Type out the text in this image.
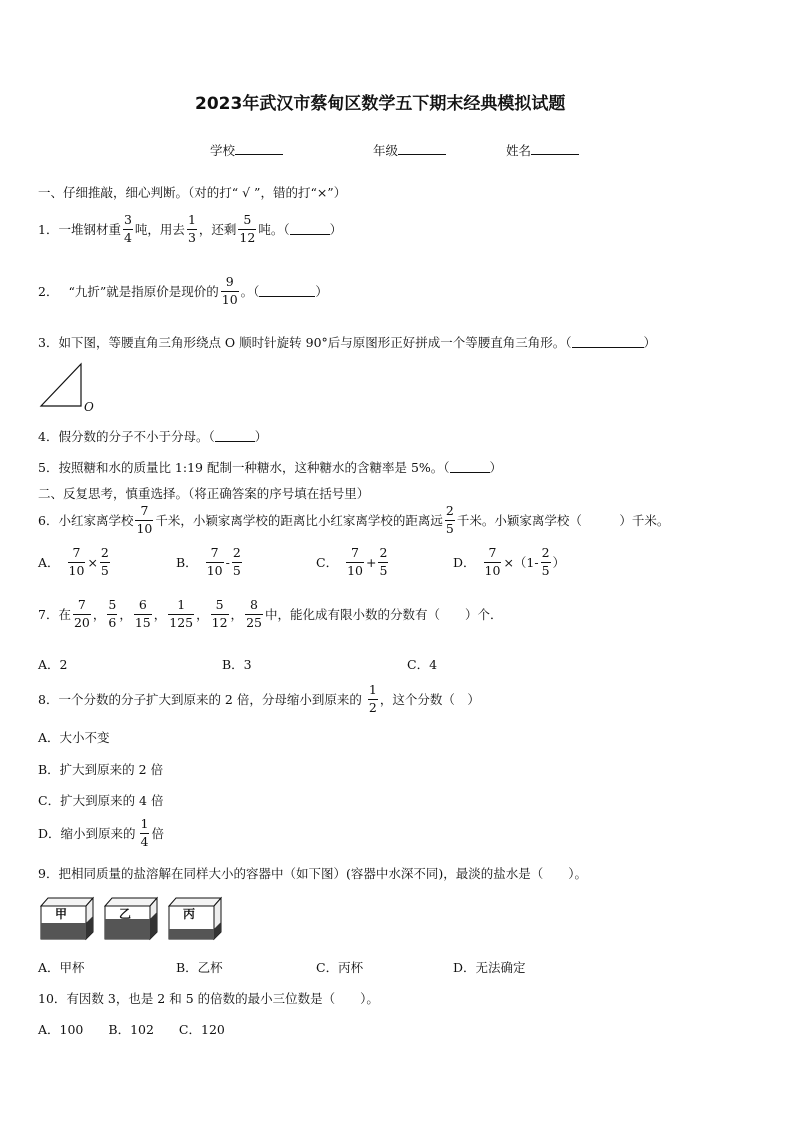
2023年武汉市蔡甸区数学五下期末经典模拟试题
学校	年级	姓名
一、仔细推敲，细心判断。（对的打“ √ ”，错的打“×”）
1． 一堆钢材重 $\frac{3}{4}$ 吨，用去 $\frac{1}{3}$ ，还剩 $\frac{5}{12}$ 吨。（	）
2． “九折”就是指原价是现价的 $\frac{9}{10}$ 。（	）
3．如下图，等腰直角三角形绕点 O 顺时针旋转 90°后与原图形正好拼成一个等腰直角三角形。（	）
O
4．假分数的分子不小于分母。（	）
5．按照糖和水的质量比 1:19 配制一种糖水，这种糖水的含糖率是 5%。（	）
二、反复思考，慎重选择。（将正确答案的序号填在括号里）
6．小红家离学校 $\frac{7}{10}$ 千米，小颖家离学校的距离比小红家离学校的距离远 $\frac{2}{5}$ 千米。小颖家离学校（　　　）千米。
A． $\frac{7}{10} \times \frac{2}{5}$	B． $\frac{7}{10} - \frac{2}{5}$	C． $\frac{7}{10} + \frac{2}{5}$	D． $\frac{7}{10} \times(1- \frac{2}{5}$ ）
7．在 $\frac{7}{20}$ ， $\frac{5}{6}$ ， $\frac{6}{15}$ ， $\frac{1}{125}$ ， $\frac{5}{12}$ ， $\frac{8}{25}$ 中，能化成有限小数的分数有（　　）个．
A．2	B．3	C．4
8．一个分数的分子扩大到原来的 2 倍，分母缩小到原来的 $\frac{1}{2}$ ，这个分数（　）
A．大小不变
B．扩大到原来的 2 倍
C．扩大到原来的 4 倍
D．缩小到原来的 $\frac{1}{4}$ 倍
9．把相同质量的盐溶解在同样大小的容器中（如下图）(容器中水深不同)，最淡的盐水是（　　）。
甲	乙	丙
A．甲杯	B．乙杯	C．丙杯	D．无法确定
10．有因数 3，也是 2 和 5 的倍数的最小三位数是（　　）。
A．100　　B．102　　C．120
